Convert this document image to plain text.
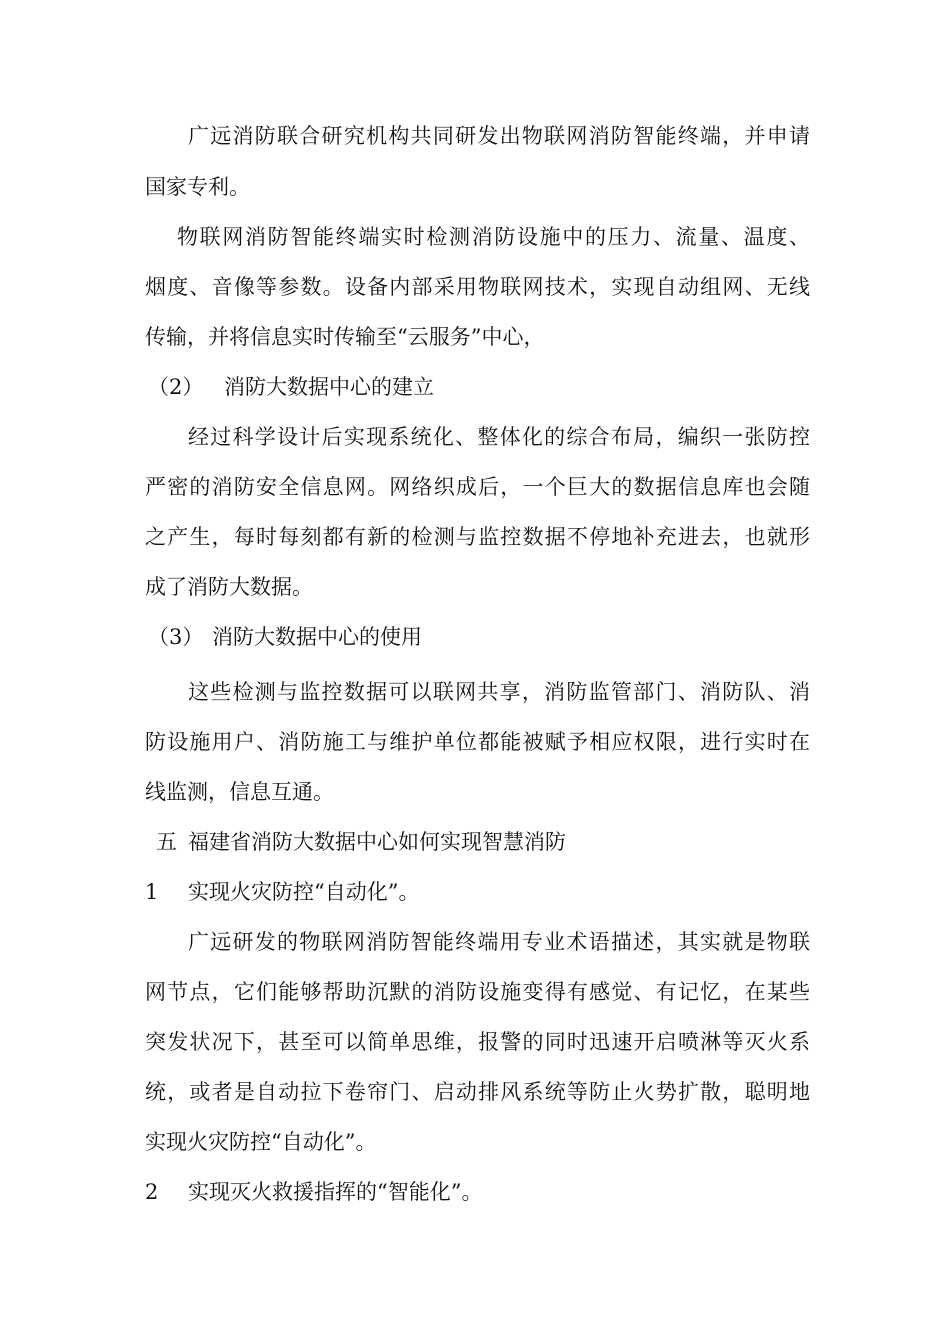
广远消防联合研究机构共同研发出物联网消防智能终端，并申请
国家专利。
物联网消防智能终端实时检测消防设施中的压力、流量、温度、
烟度、音像等参数。设备内部采用物联网技术，实现自动组网、无线
传输，并将信息实时传输至“云服务”中心，
（2） 消防大数据中心的建立
经过科学设计后实现系统化、整体化的综合布局，编织一张防控
严密的消防安全信息网。网络织成后，一个巨大的数据信息库也会随
之产生，每时每刻都有新的检测与监控数据不停地补充进去，也就形
成了消防大数据。
（3） 消防大数据中心的使用
这些检测与监控数据可以联网共享，消防监管部门、消防队、消
防设施用户、消防施工与维护单位都能被赋予相应权限，进行实时在
线监测，信息互通。
五 福建省消防大数据中心如何实现智慧消防
1 实现火灾防控“自动化”。
广远研发的物联网消防智能终端用专业术语描述，其实就是物联
网节点，它们能够帮助沉默的消防设施变得有感觉、有记忆，在某些
突发状况下，甚至可以简单思维，报警的同时迅速开启喷淋等灭火系
统，或者是自动拉下卷帘门、启动排风系统等防止火势扩散，聪明地
实现火灾防控“自动化”。
2 实现灭火救援指挥的“智能化”。
